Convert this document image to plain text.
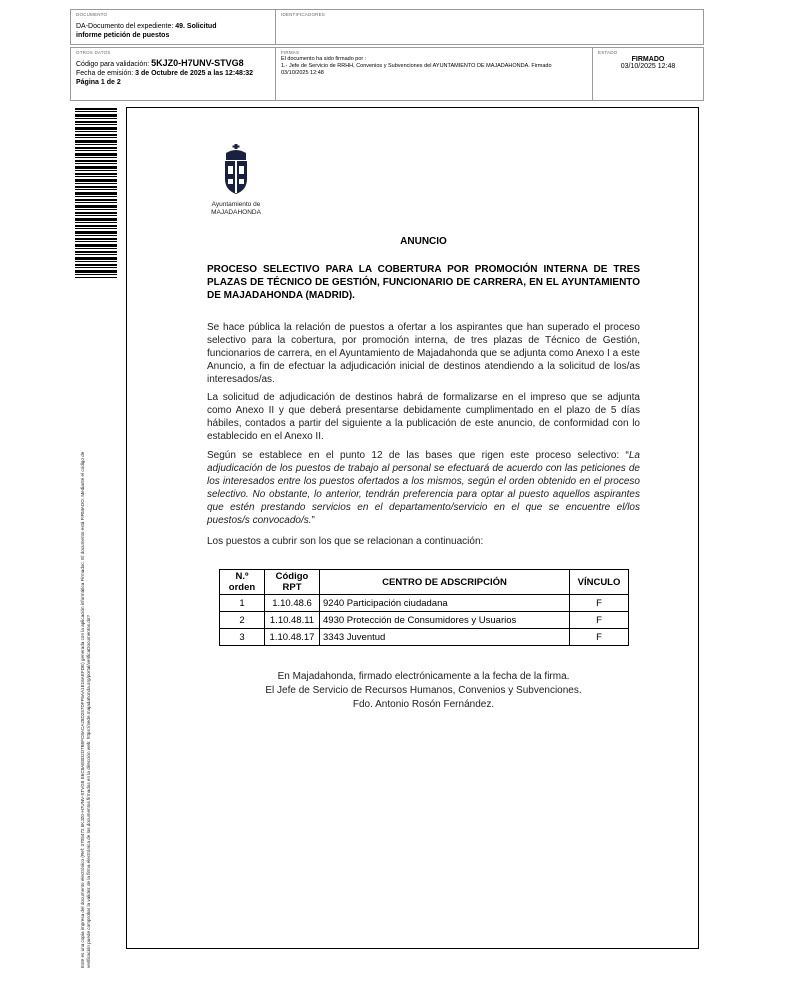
DOCUMENTO
DA-Documento del expediente: 49. Solicitud
informe petición de puestos
IDENTIFICADORES
OTROS DATOS
Código para validación: 5KJZ0-H7UNV-STVG8
Fecha de emisión: 3 de Octubre de 2025 a las 12:48:32
Página 1 de 2
FIRMAS
El documento ha sido firmado por :
1.- Jefe de Servicio de RRHH, Convenios y Subvenciones del AYUNTAMIENTO DE MAJADAHONDA. Firmado
03/10/2025 12:48
ESTADO
FIRMADO
03/10/2025 12:48
Este es una copia impresa del documento electrónico (Ref: 3705472 5KJZ0-H7UNV-STVG8 E6C8AE8D2D7B5FC8ACA28D257DFF5AA1E16AEFDE) generada con la aplicación informática Firmadoc. El documento está FIRMADO. Mediante el código de verificación puede comprobar la validez de la firma electrónica de los documentos firmados en la dirección web: https://sede.majadahonda.org/portal/verificaDocumentos.do?
Ayuntamiento de
MAJADAHONDA
ANUNCIO
PROCESO SELECTIVO PARA LA COBERTURA POR PROMOCIÓN INTERNA DE TRES PLAZAS DE TÉCNICO DE GESTIÓN, FUNCIONARIO DE CARRERA, EN EL AYUNTAMIENTO DE MAJADAHONDA (MADRID).
Se hace pública la relación de puestos a ofertar a los aspirantes que han superado el proceso selectivo para la cobertura, por promoción interna, de tres plazas de Técnico de Gestión, funcionarios de carrera, en el Ayuntamiento de Majadahonda que se adjunta como Anexo I a este Anuncio, a fin de efectuar la adjudicación inicial de destinos atendiendo a la solicitud de los/as interesados/as.
La solicitud de adjudicación de destinos habrá de formalizarse en el impreso que se adjunta como Anexo II y que deberá presentarse debidamente cumplimentado en el plazo de 5 días hábiles, contados a partir del siguiente a la publicación de este anuncio, de conformidad con lo establecido en el Anexo II.
Según se establece en el punto 12 de las bases que rigen este proceso selectivo: “La adjudicación de los puestos de trabajo al personal se efectuará de acuerdo con las peticiones de los interesados entre los puestos ofertados a los mismos, según el orden obtenido en el proceso selectivo. No obstante, lo anterior, tendrán preferencia para optar al puesto aquellos aspirantes que estén prestando servicios en el departamento/servicio en el que se encuentre el/los puestos/s convocado/s.”
Los puestos a cubrir son los que se relacionan a continuación:
N.º orden	Código RPT	CENTRO DE ADSCRIPCIÓN	VÍNCULO
1	1.10.48.6	9240 Participación ciudadana	F
2	1.10.48.11	4930 Protección de Consumidores y Usuarios	F
3	1.10.48.17	3343 Juventud	F
En Majadahonda, firmado electrónicamente a la fecha de la firma.
El Jefe de Servicio de Recursos Humanos, Convenios y Subvenciones.
Fdo. Antonio Rosón Fernández.
